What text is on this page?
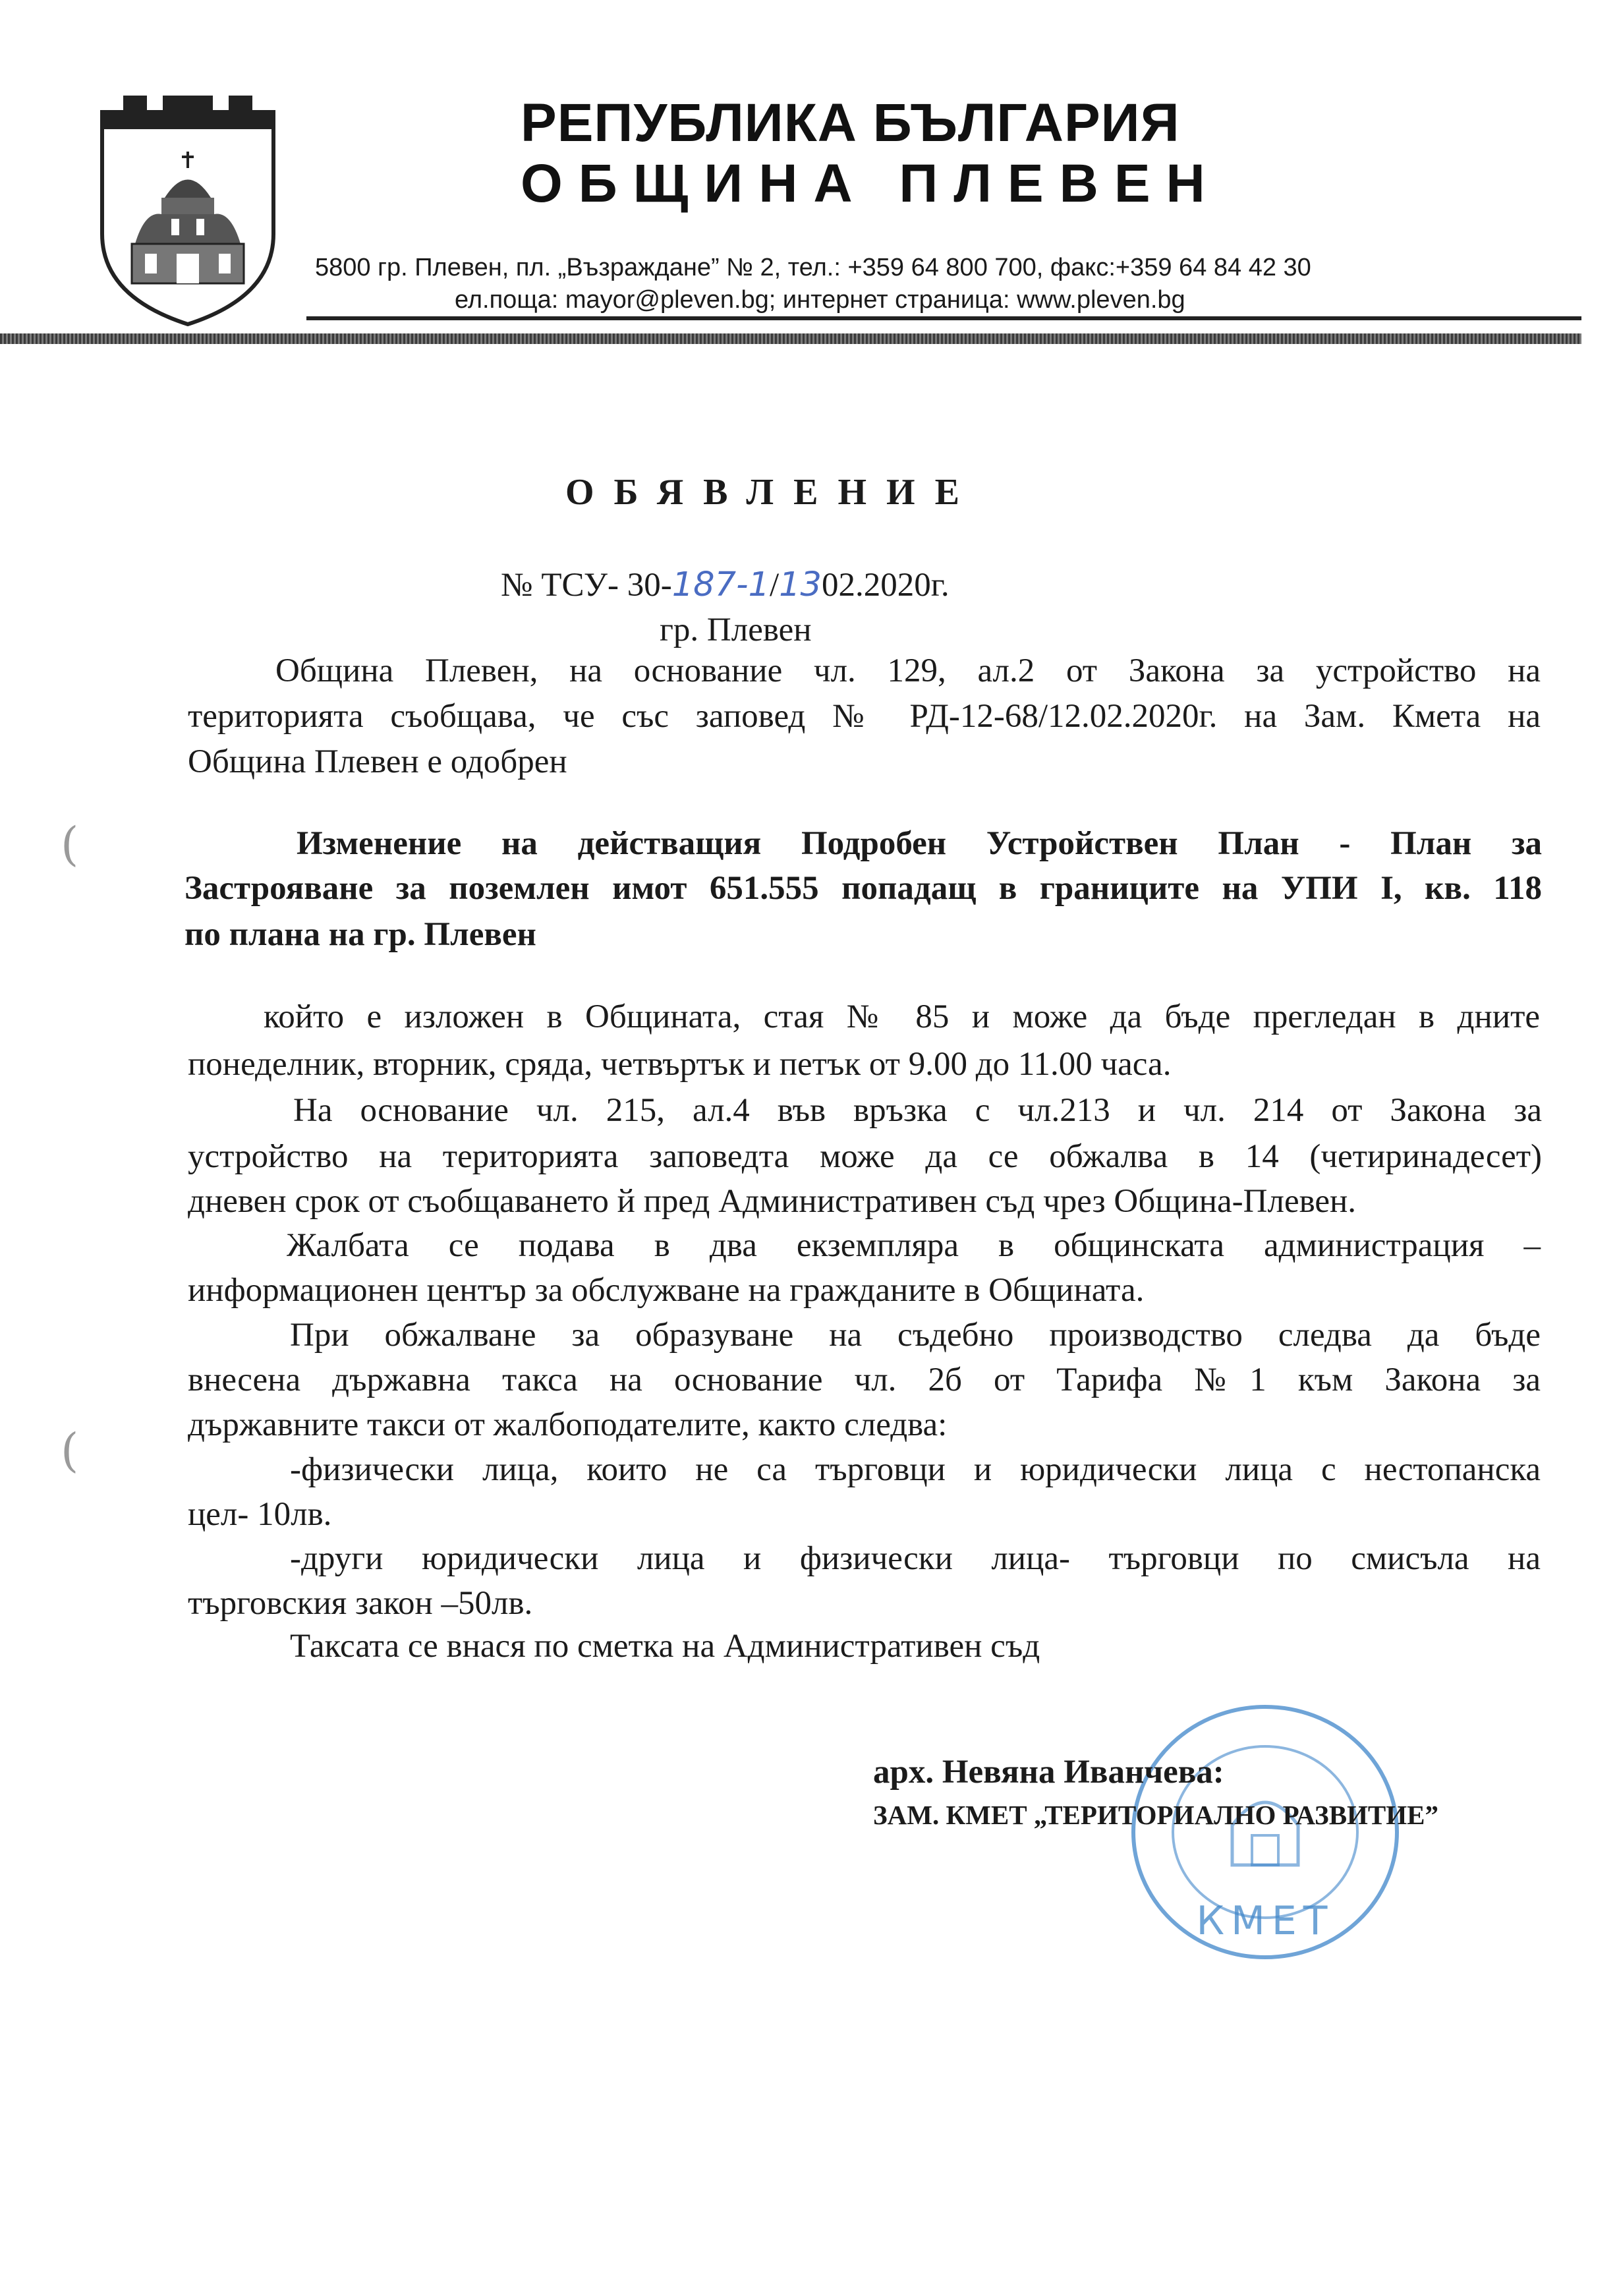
РЕПУБЛИКА БЪЛГАРИЯ
ОБЩИНА ПЛЕВЕН
5800 гр. Плевен, пл. „Възраждане” № 2, тел.: +359 64 800 700, факс:+359 64 84 42 30
ел.поща: mayor@pleven.bg; интернет страница: www.pleven.bg
ОБЯВЛЕНИЕ
№ ТСУ- 30-187-1/1302.2020г.
гр. Плевен
Община Плевен, на основание чл. 129, ал.2 от Закона за устройство на
територията съобщава, че със заповед № РД-12-68/12.02.2020г. на Зам. Кмета на
Община Плевен е одобрен
Изменение на действащия Подробен Устройствен План - План за
Застрояване за поземлен имот 651.555 попадащ в границите на УПИ I, кв. 118
по плана на гр. Плевен
който е изложен в Общината, стая № 85 и може да бъде прегледан в дните
понеделник, вторник, сряда, четвъртък и петък от 9.00 до 11.00 часа.
На основание чл. 215, ал.4 във връзка с чл.213 и чл. 214 от Закона за
устройство на територията заповедта може да се обжалва в 14 (четиринадесет)
дневен срок от съобщаването й пред Административен съд чрез Община-Плевен.
Жалбата се подава в два екземпляра в общинската администрация –
информационен център за обслужване на гражданите в Общината.
При обжалване за образуване на съдебно производство следва да бъде
внесена държавна такса на основание чл. 2б от Тарифа №1 към Закона за
държавните такси от жалбоподателите, както следва:
-физически лица, които не са търговци и юридически лица с нестопанска
цел- 10лв.
-други юридически лица и физически лица- търговци по смисъла на
търговския закон –50лв.
Таксата се внася по сметка на Административен съд
КМЕТ
арх. Невяна Иванчева:
ЗАМ. КМЕТ „ТЕРИТОРИАЛНО РАЗВИТИЕ”
(
(
